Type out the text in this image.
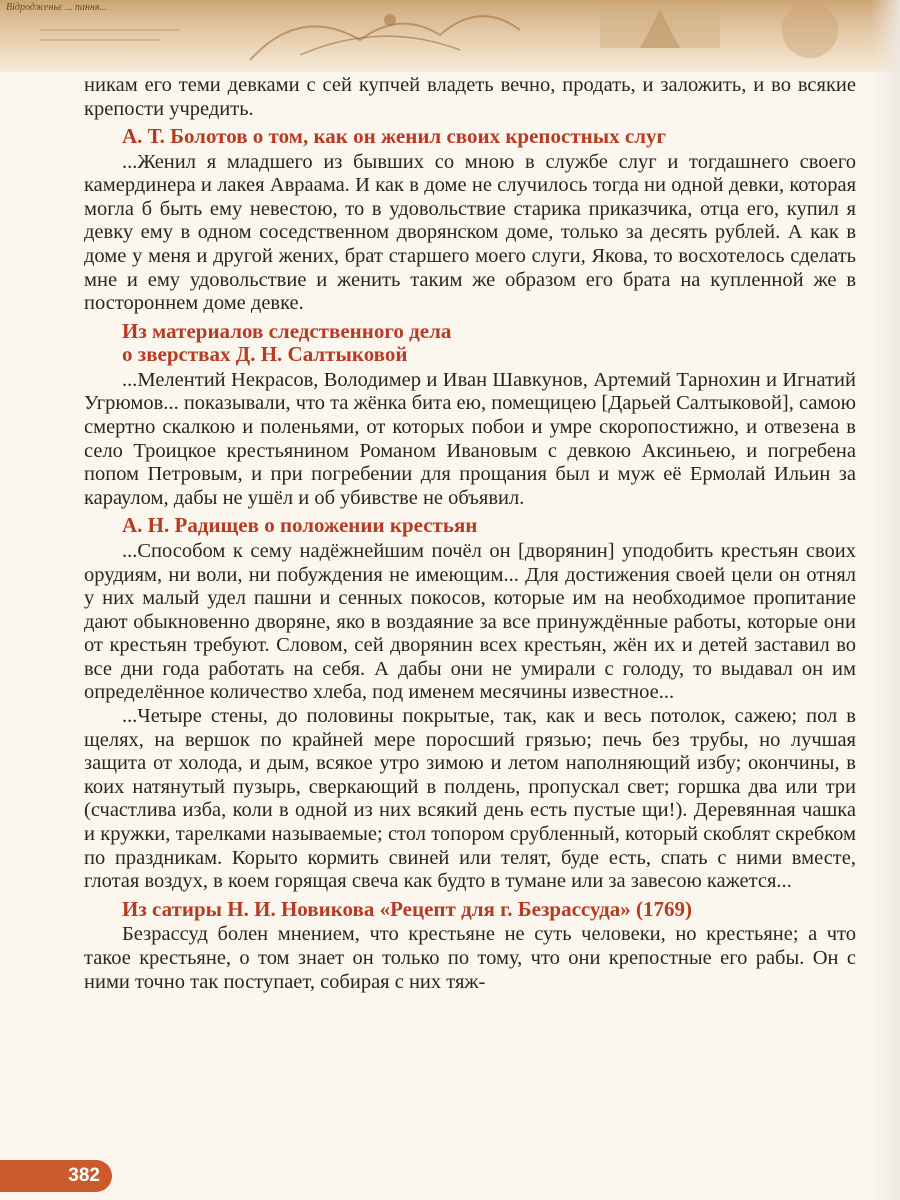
Відродженьє ... пання...

никам его теми девками с сей купчей владеть вечно, продать, и заложить, и во всякие крепости учредить.

А. Т. Болотов о том, как он женил своих крепостных слуг

...Женил я младшего из бывших со мною в службе слуг и тогдашнего своего камердинера и лакея Авраама. И как в доме не случилось тогда ни одной девки, которая могла б быть ему невестою, то в удовольствие старика приказчика, отца его, купил я девку ему в одном соседственном дворянском доме, только за десять рублей. А как в доме у меня и другой жених, брат старшего моего слуги, Якова, то восхотелось сделать мне и ему удовольствие и женить таким же образом его брата на купленной же в постороннем доме девке.

Из материалов следственного дела
о зверствах Д. Н. Салтыковой

...Мелентий Некрасов, Володимер и Иван Шавкунов, Артемий Тарнохин и Игнатий Угрюмов... показывали, что та жёнка бита ею, помещицею [Дарьей Салтыковой], самою смертно скалкою и поленьями, от которых побои и умре скоропостижно, и отвезена в село Троицкое крестьянином Романом Ивановым с девкою Аксиньею, и погребена попом Петровым, и при погребении для прощания был и муж её Ермолай Ильин за караулом, дабы не ушёл и об убивстве не объявил.

А. Н. Радищев о положении крестьян

...Способом к сему надёжнейшим почёл он [дворянин] уподобить крестьян своих орудиям, ни воли, ни побуждения не имеющим... Для достижения своей цели он отнял у них малый удел пашни и сенных покосов, которые им на необходимое пропитание дают обыкновенно дворяне, яко в воздаяние за все принуждённые работы, которые они от крестьян требуют. Словом, сей дворянин всех крестьян, жён их и детей заставил во все дни года работать на себя. А дабы они не умирали с голоду, то выдавал он им определённое количество хлеба, под именем месячины известное...

...Четыре стены, до половины покрытые, так, как и весь потолок, сажею; пол в щелях, на вершок по крайней мере поросший грязью; печь без трубы, но лучшая защита от холода, и дым, всякое утро зимою и летом наполняющий избу; окончины, в коих натянутый пузырь, сверкающий в полдень, пропускал свет; горшка два или три (счастлива изба, коли в одной из них всякий день есть пустые щи!). Деревянная чашка и кружки, тарелками называемые; стол топором срубленный, который скоблят скребком по праздникам. Корыто кормить свиней или телят, буде есть, спать с ними вместе, глотая воздух, в коем горящая свеча как будто в тумане или за завесою кажется...

Из сатиры Н. И. Новикова «Рецепт для г. Безрассуда» (1769)

Безрассуд болен мнением, что крестьяне не суть человеки, но крестьяне; а что такое крестьяне, о том знает он только по тому, что они крепостные его рабы. Он с ними точно так поступает, собирая с них тяж-

382
